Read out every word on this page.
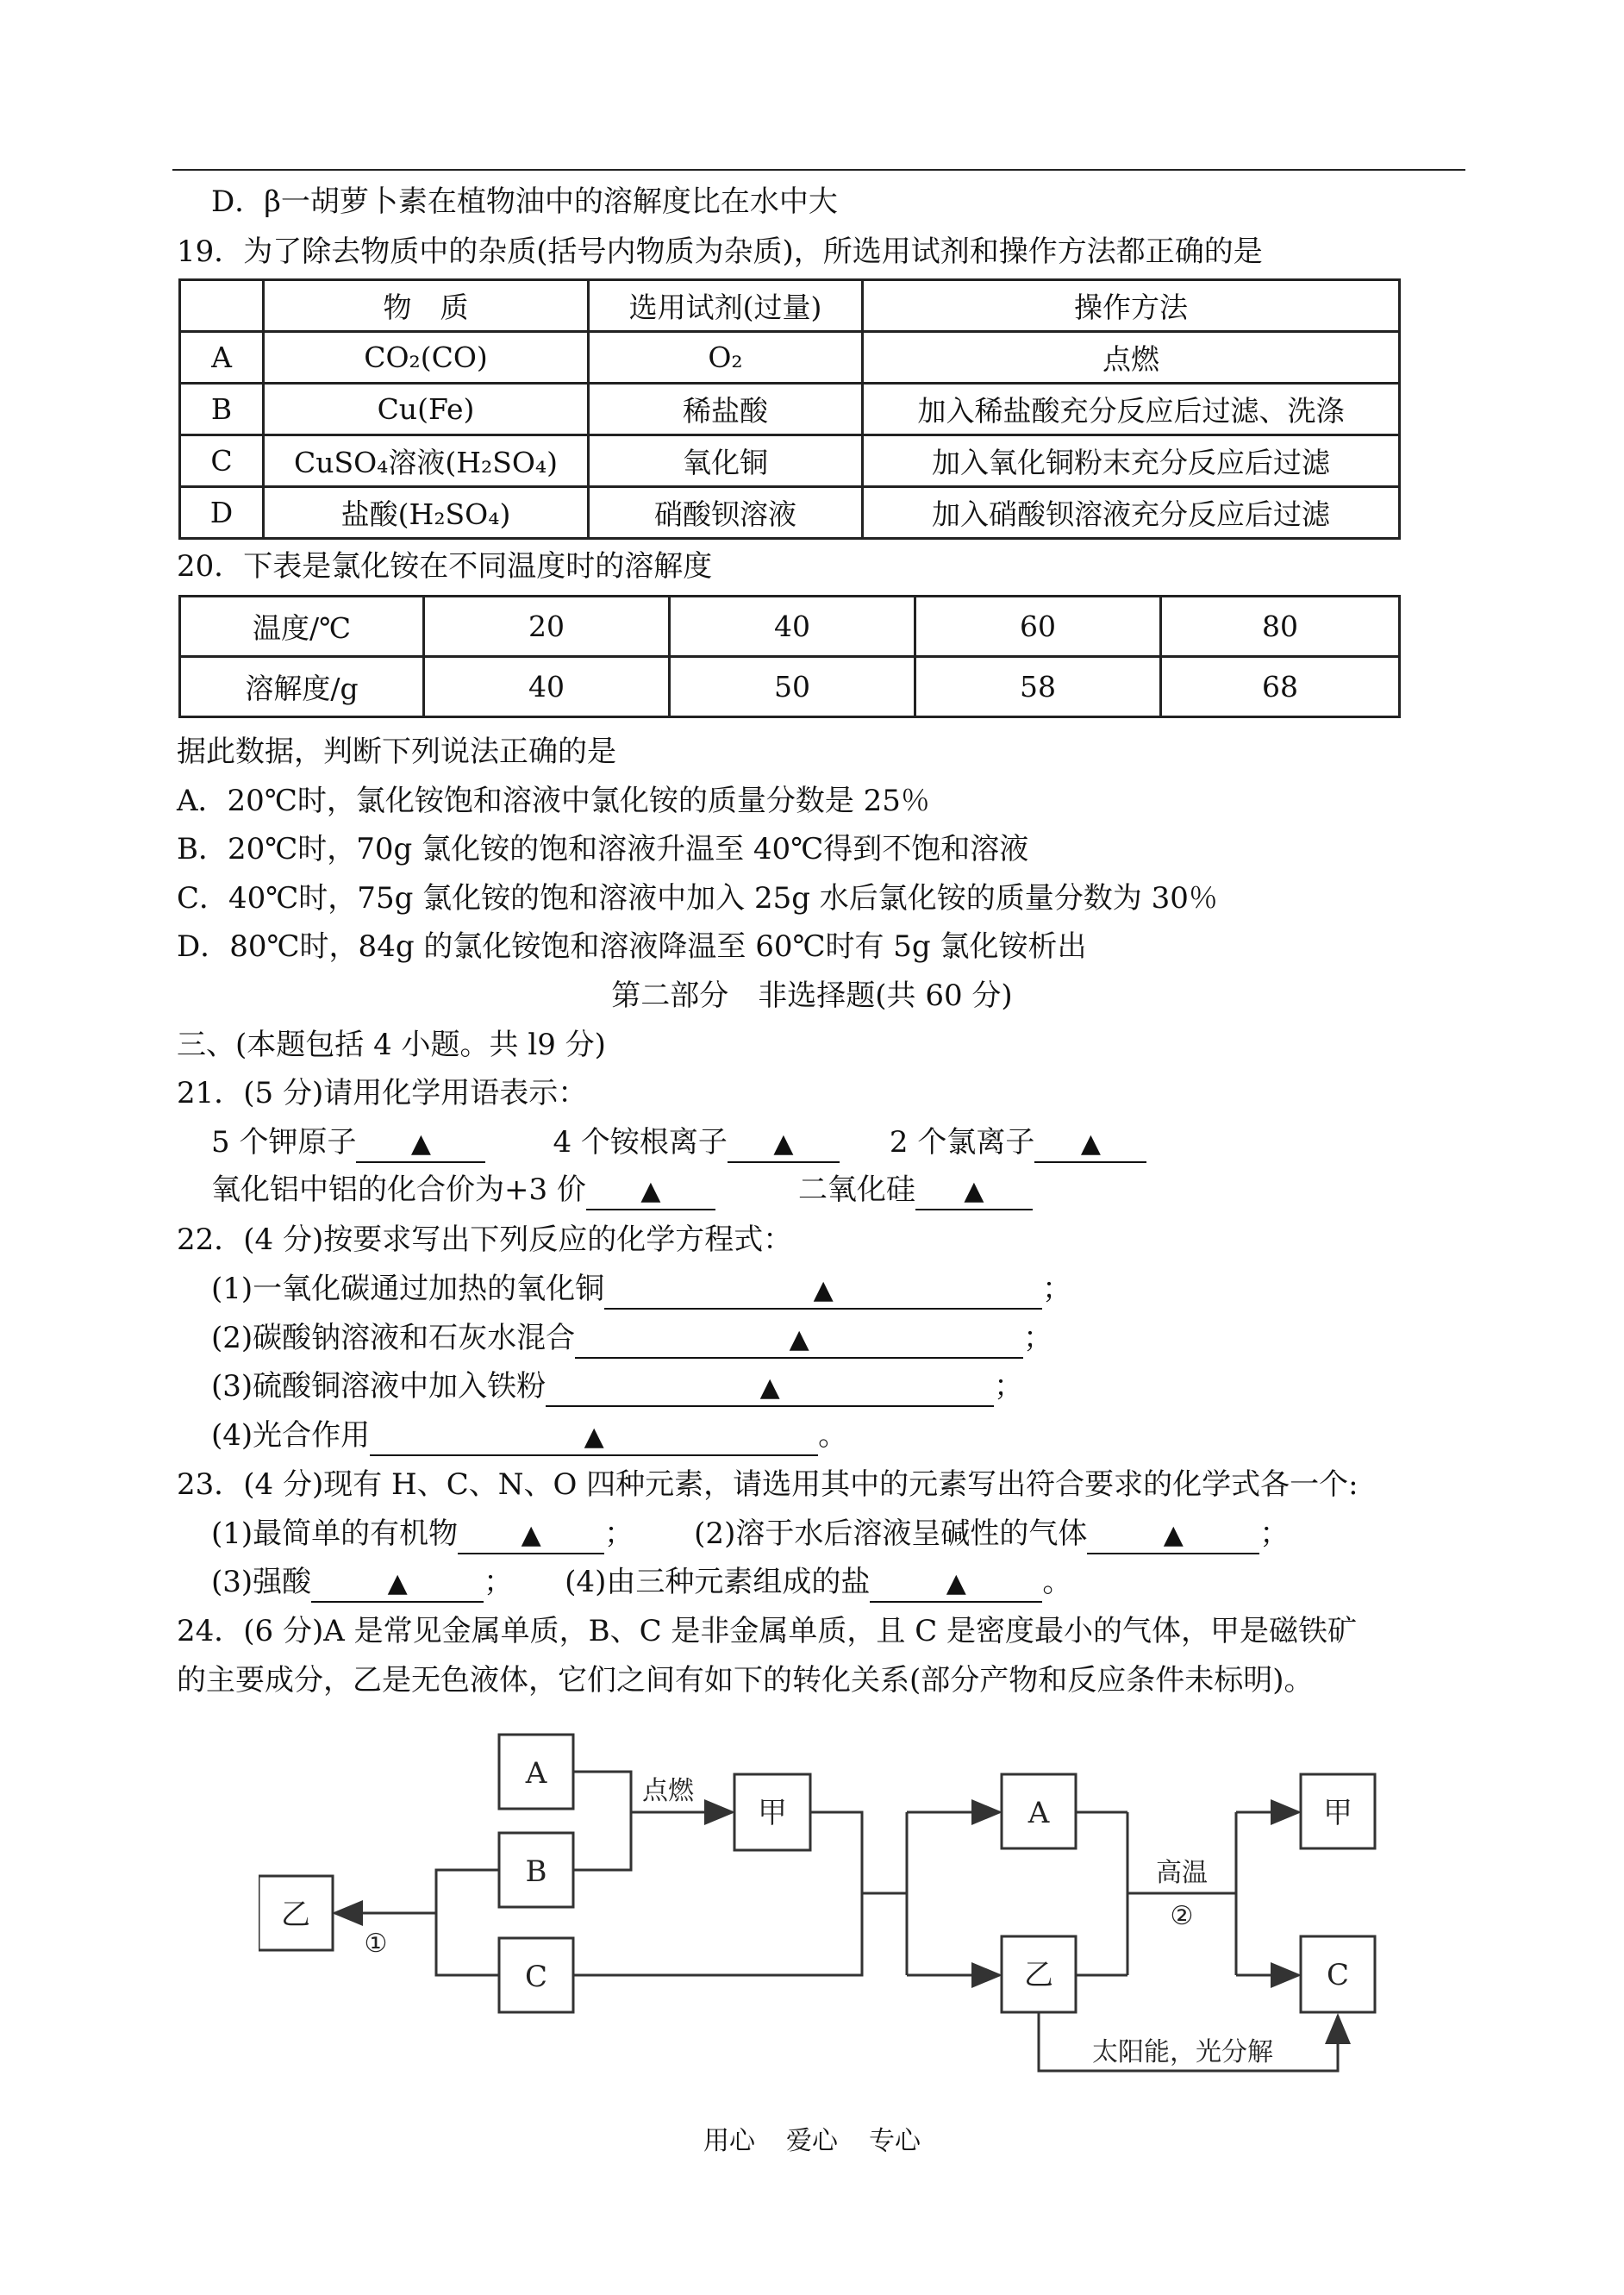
D．β一胡萝卜素在植物油中的溶解度比在水中大
19．为了除去物质中的杂质(括号内物质为杂质)，所选用试剂和操作方法都正确的是
	物　质	选用试剂(过量)	操作方法
A	CO₂(CO)	O₂	点燃
B	Cu(Fe)	稀盐酸	加入稀盐酸充分反应后过滤、洗涤
C	CuSO₄溶液(H₂SO₄)	氧化铜	加入氧化铜粉末充分反应后过滤
D	盐酸(H₂SO₄)	硝酸钡溶液	加入硝酸钡溶液充分反应后过滤
20．下表是氯化铵在不同温度时的溶解度
温度/℃	20	40	60	80
溶解度/g	40	50	58	68
据此数据，判断下列说法正确的是
A．20℃时，氯化铵饱和溶液中氯化铵的质量分数是 25％
B．20℃时，70g 氯化铵的饱和溶液升温至 40℃得到不饱和溶液
C．40℃时，75g 氯化铵的饱和溶液中加入 25g 水后氯化铵的质量分数为 30％
D．80℃时，84g 的氯化铵饱和溶液降温至 60℃时有 5g 氯化铵析出
第二部分　非选择题(共 60 分)
三、(本题包括 4 小题。共 l9 分)
21．(5 分)请用化学用语表示：
5 个钾原子 ▲	4 个铵根离子 ▲	2 个氯离子 ▲
氧化铝中铝的化合价为+3 价 ▲	二氧化硅 ▲
22．(4 分)按要求写出下列反应的化学方程式：
(1)一氧化碳通过加热的氧化铜	▲	；
(2)碳酸钠溶液和石灰水混合	▲	；
(3)硫酸铜溶液中加入铁粉	▲	；
(4)光合作用	▲	。
23．(4 分)现有 H、C、N、O 四种元素，请选用其中的元素写出符合要求的化学式各一个:
(1)最简单的有机物 ▲ ； (2)溶于水后溶液呈碱性的气体	▲	；
(3)强酸	▲	； (4)由三种元素组成的盐	▲	。
24．(6 分)A 是常见金属单质，B、C 是非金属单质，且 C 是密度最小的气体，甲是磁铁矿
的主要成分，乙是无色液体，它们之间有如下的转化关系(部分产物和反应条件未标明)。
A
B
C
乙
甲	A
乙
甲
C
点燃
①
高温
②
太阳能，光分解
用心 爱心 专心
